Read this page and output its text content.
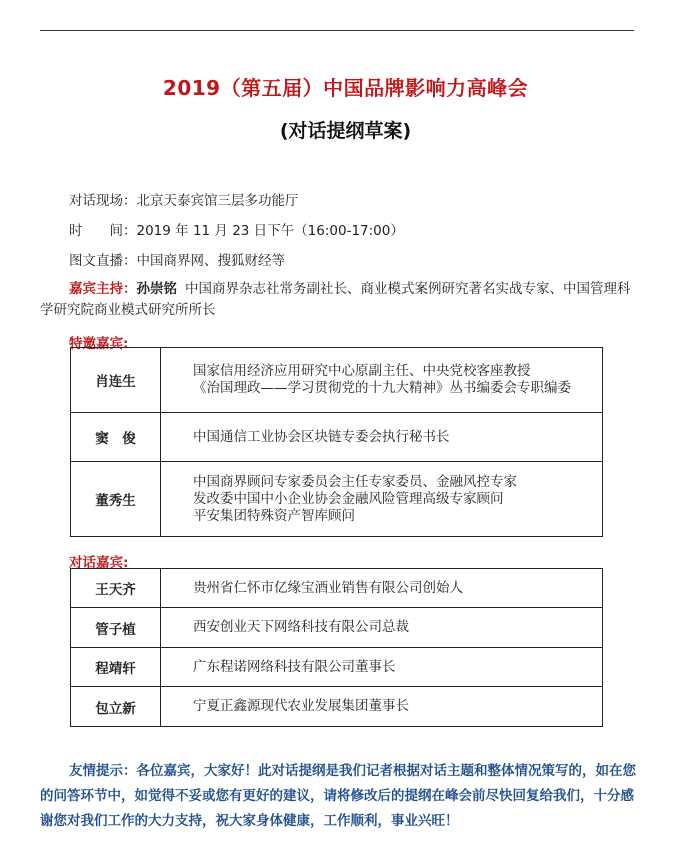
2019（第五届）中国品牌影响力高峰会
(对话提纲草案)
对话现场：北京天泰宾馆三层多功能厅
时　　间：2019 年 11 月 23 日下午（16:00-17:00）
图文直播：中国商界网、搜狐财经等
嘉宾主持：孙崇铭 中国商界杂志社常务副社长、商业模式案例研究著名实战专家、中国管理科学研究院商业模式研究所所长
特邀嘉宾:
肖连生	国家信用经济应用研究中心原副主任、中央党校客座教授
《治国理政——学习贯彻党的十九大精神》丛书编委会专职编委

窦　俊	中国通信工业协会区块链专委会执行秘书长

董秀生	中国商界顾问专家委员会主任专家委员、金融风控专家
发改委中国中小企业协会金融风险管理高级专家顾问
平安集团特殊资产智库顾问
对话嘉宾:
王天齐	贵州省仁怀市亿缘宝酒业销售有限公司创始人
管子植	西安创业天下网络科技有限公司总裁
程靖轩	广东程诺网络科技有限公司董事长
包立新	宁夏正鑫源现代农业发展集团董事长
友情提示：各位嘉宾，大家好！此对话提纲是我们记者根据对话主题和整体情况策写的，如在您的问答环节中，如觉得不妥或您有更好的建议，请将修改后的提纲在峰会前尽快回复给我们，十分感谢您对我们工作的大力支持，祝大家身体健康，工作顺利，事业兴旺！
